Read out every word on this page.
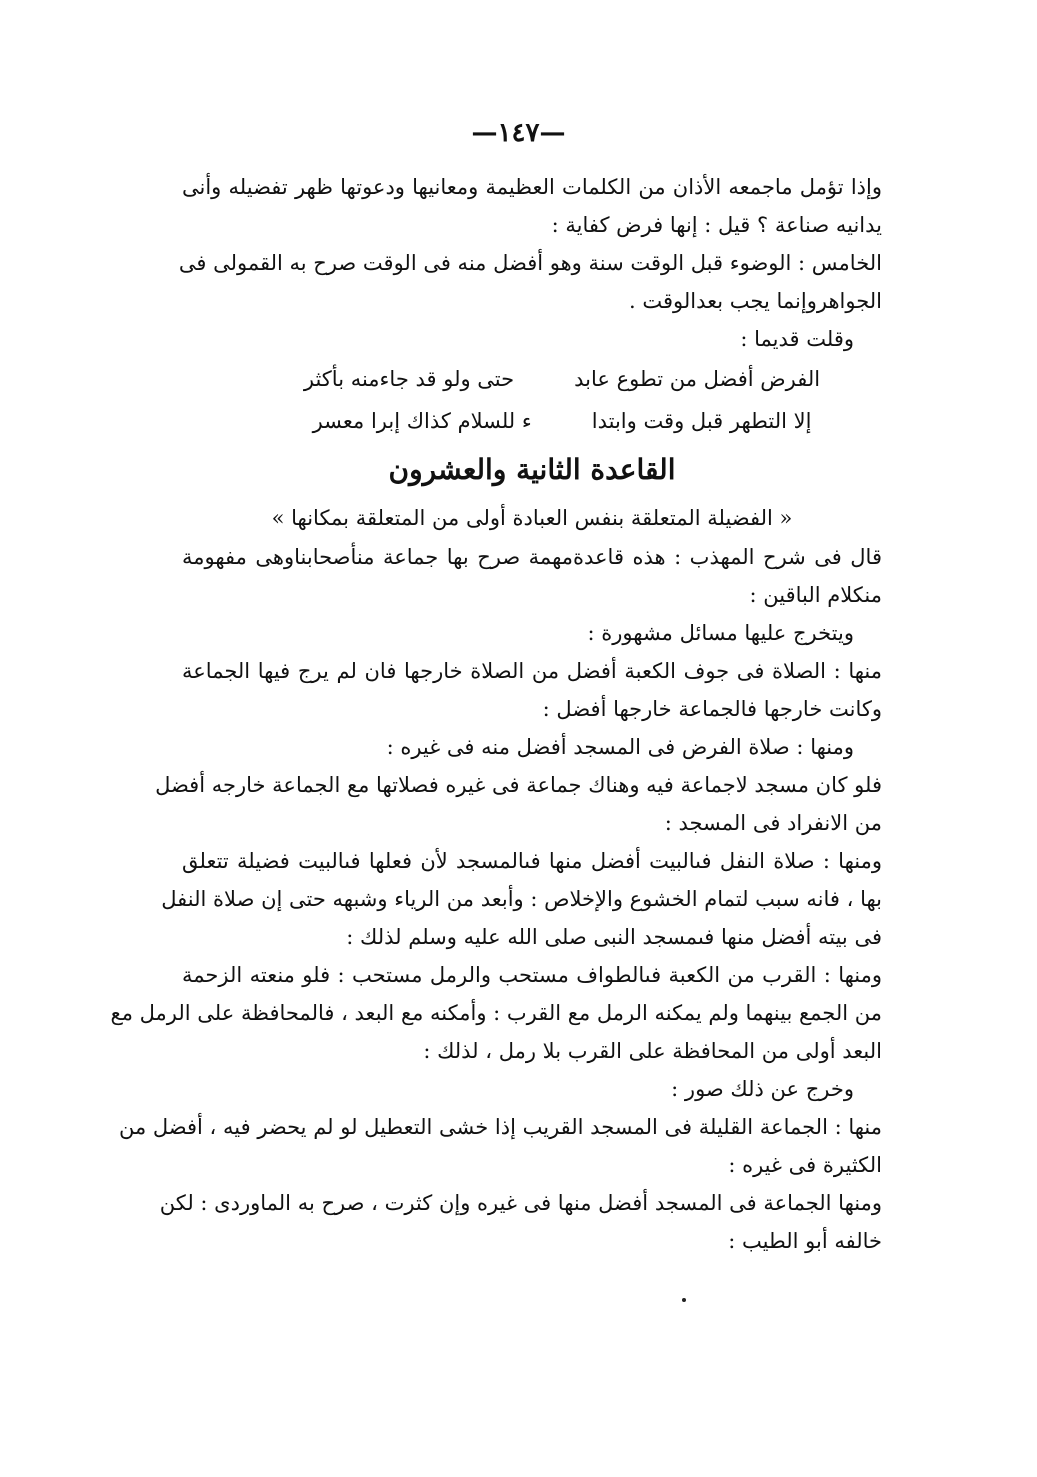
—١٤٧—
وإذا تؤمل ماجمعه الأذان من الكلمات العظيمة ومعانيها ودعوتها ظهر تفضيله وأنى
يدانيه صناعة ؟ قيل : إنها فرض كفاية :
الخامس : الوضوء قبل الوقت سنة وهو أفضل منه فى الوقت صرح به القمولى فى
الجواهروإنما يجب بعدالوقت .
وقلت قديما :
الفرض أفضل من تطوع عابد
حتى ولو قد جاءمنه بأكثر
إلا التطهر قبل وقت وابتدا
ء للسلام كذاك إبرا معسر
القاعدة الثانية والعشرون
« الفضيلة المتعلقة بنفس العبادة أولى من المتعلقة بمكانها »
قال فى شرح المهذب : هذه قاعدةمهمة صرح بها جماعة منأصحابناوهى مفهومة
منكلام الباقين :
ويتخرج عليها مسائل مشهورة :
منها : الصلاة فى جوف الكعبة أفضل من الصلاة خارجها فان لم يرج فيها الجماعة
وكانت خارجها فالجماعة خارجها أفضل :
ومنها : صلاة الفرض فى المسجد أفضل منه فى غيره :
فلو كان مسجد لاجماعة فيه وهناك جماعة فى غيره فصلاتها مع الجماعة خارجه أفضل
من الانفراد فى المسجد :
ومنها : صلاة النفل فىالبيت أفضل منها فىالمسجد لأن فعلها فىالبيت فضيلة تتعلق
بها ، فانه سبب لتمام الخشوع والإخلاص : وأبعد من الرياء وشبهه حتى إن صلاة النفل
فى بيته أفضل منها فىمسجد النبى صلى الله عليه وسلم لذلك :
ومنها : القرب من الكعبة فىالطواف مستحب والرمل مستحب : فلو منعته الزحمة
من الجمع بينهما ولم يمكنه الرمل مع القرب : وأمكنه مع البعد ، فالمحافظة على الرمل مع
البعد أولى من المحافظة على القرب بلا رمل ، لذلك :
وخرج عن ذلك صور :
منها : الجماعة القليلة فى المسجد القريب إذا خشى التعطيل لو لم يحضر فيه ، أفضل من
الكثيرة فى غيره :
ومنها الجماعة فى المسجد أفضل منها فى غيره وإن كثرت ، صرح به الماوردى : لكن
خالفه أبو الطيب :
